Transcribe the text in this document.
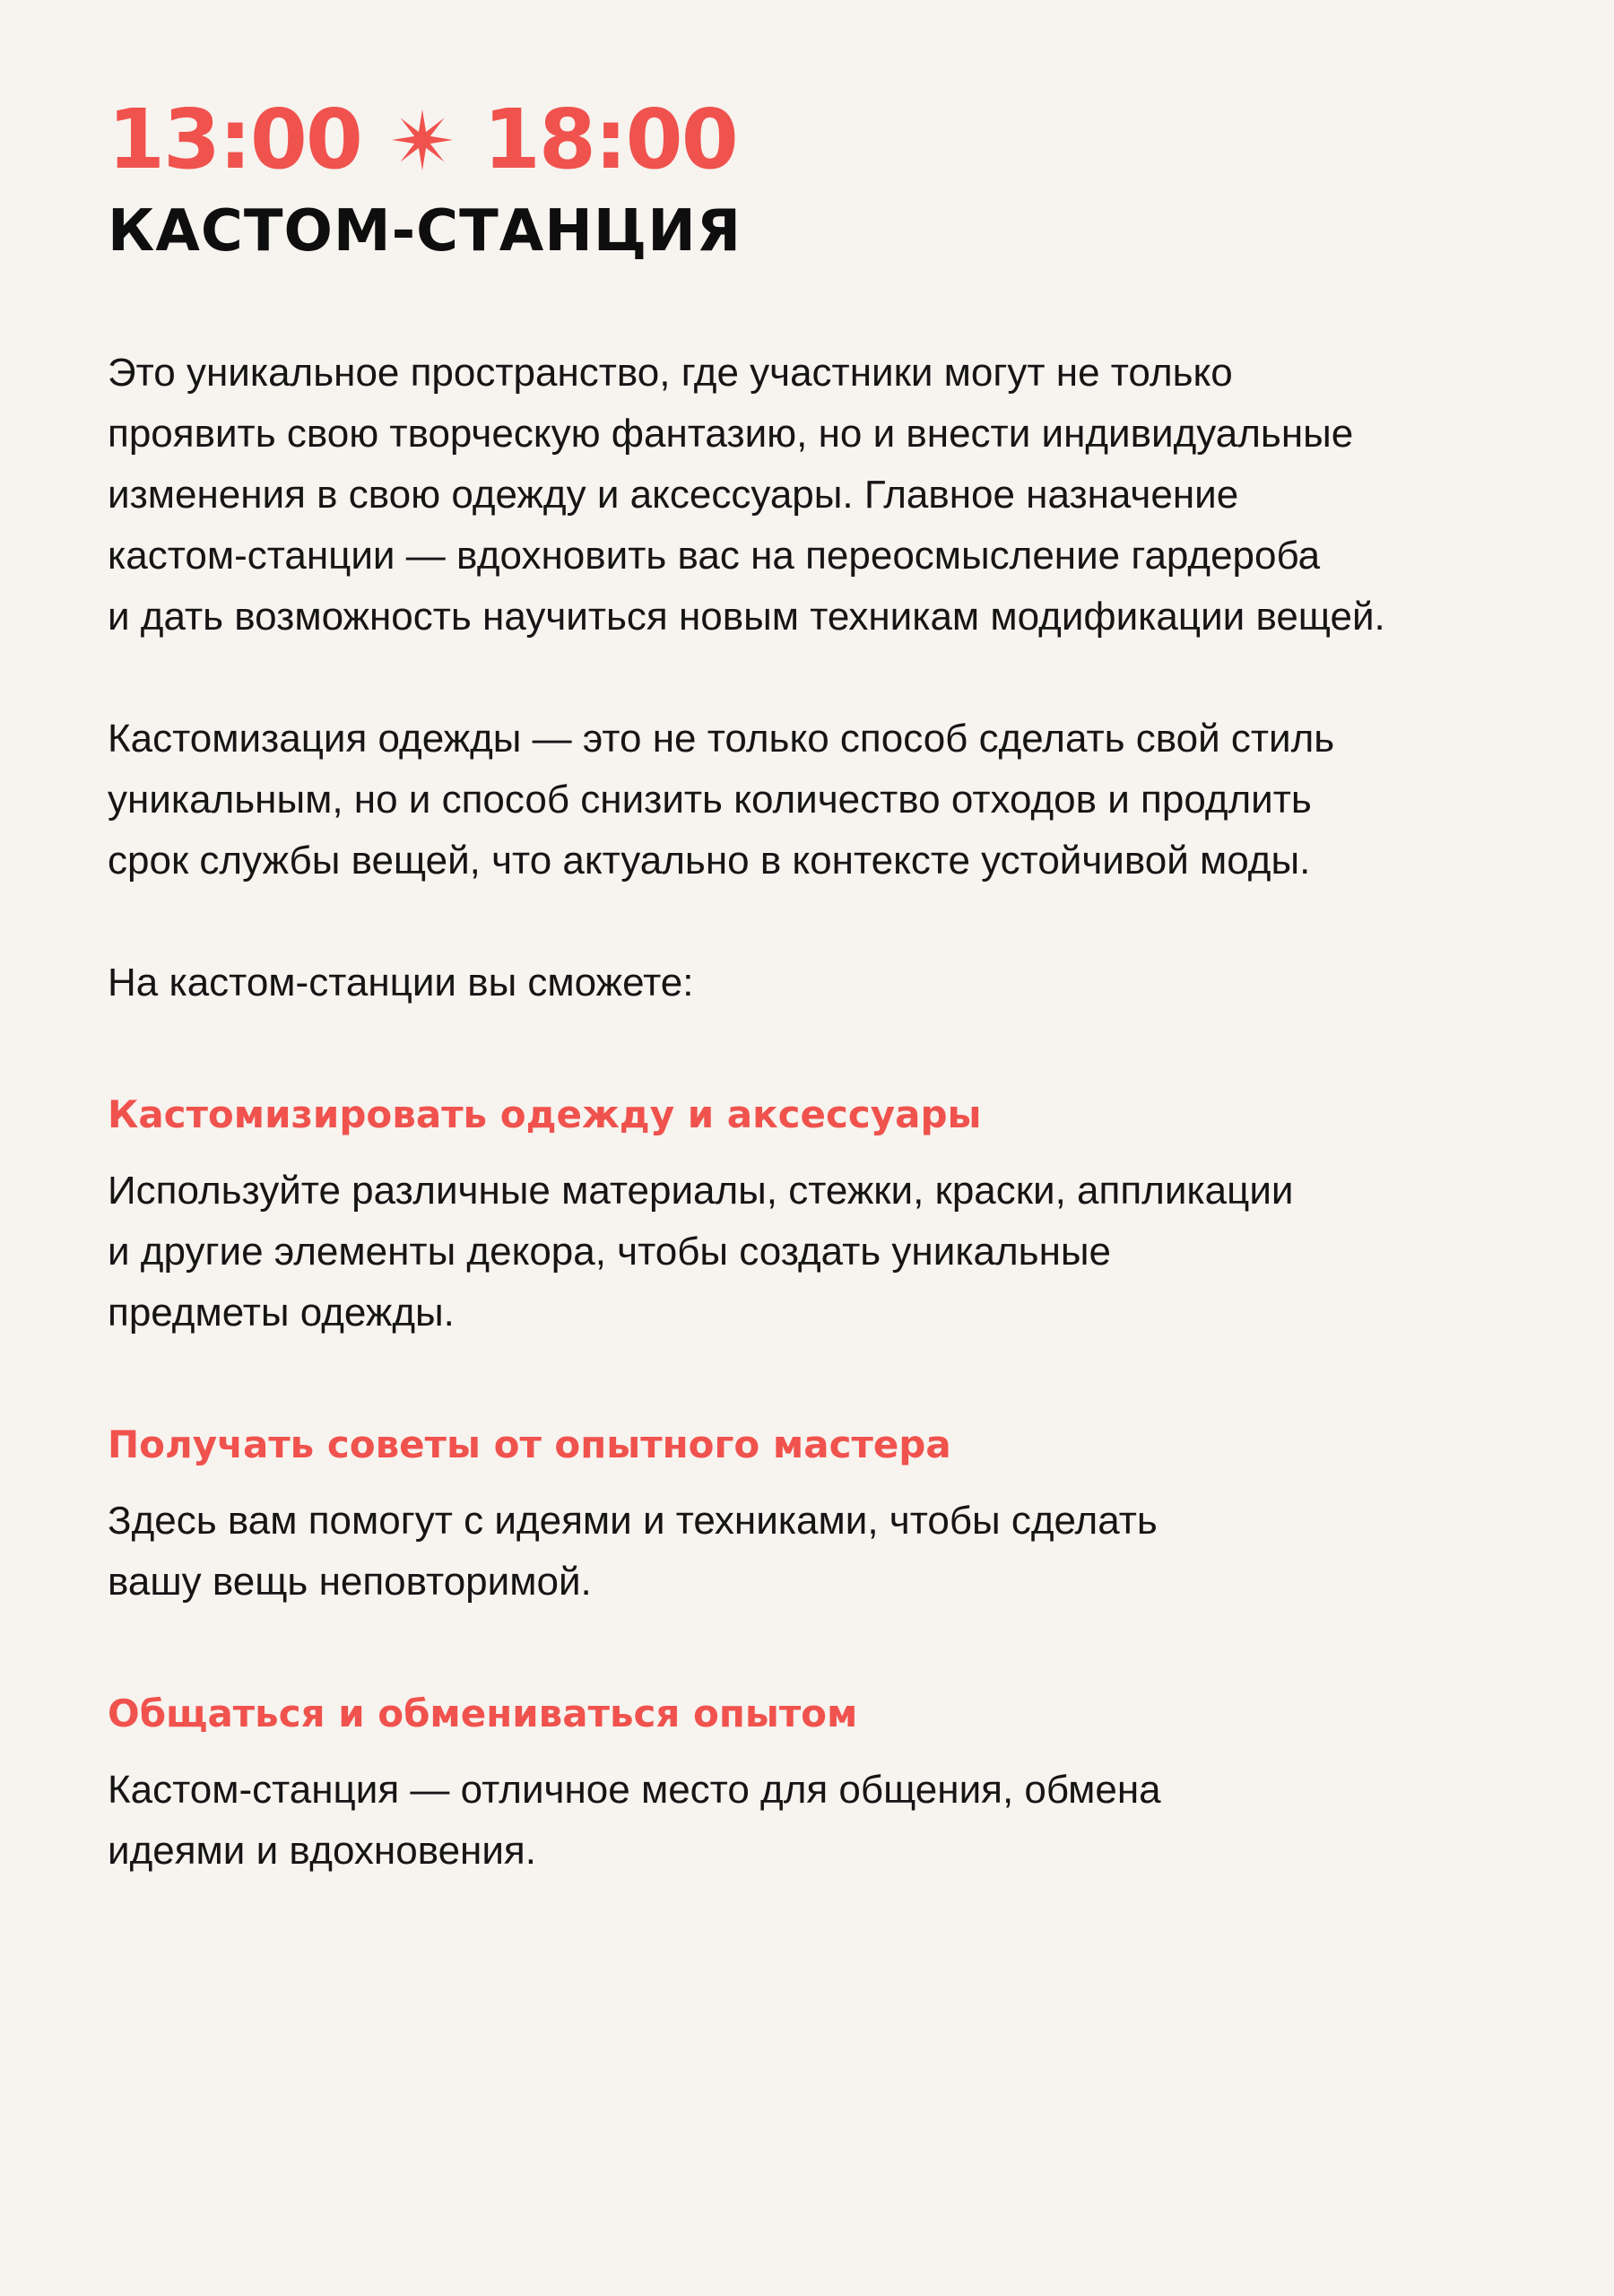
13:00 18:00
КАСТОМ-СТАНЦИЯ

Это уникальное пространство, где участники могут не только
проявить свою творческую фантазию, но и внести индивидуальные
изменения в свою одежду и аксессуары. Главное назначение
кастом-станции — вдохновить вас на переосмысление гардероба
и дать возможность научиться новым техникам модификации вещей.

Кастомизация одежды — это не только способ сделать свой стиль
уникальным, но и способ снизить количество отходов и продлить
срок службы вещей, что актуально в контексте устойчивой моды.

На кастом-станции вы сможете:

Кастомизировать одежду и аксессуары

Используйте различные материалы, стежки, краски, аппликации
и другие элементы декора, чтобы создать уникальные
предметы одежды.

Получать советы от опытного мастера

Здесь вам помогут с идеями и техниками, чтобы сделать
вашу вещь неповторимой.

Общаться и обмениваться опытом

Кастом-станция — отличное место для общения, обмена
идеями и вдохновения.
